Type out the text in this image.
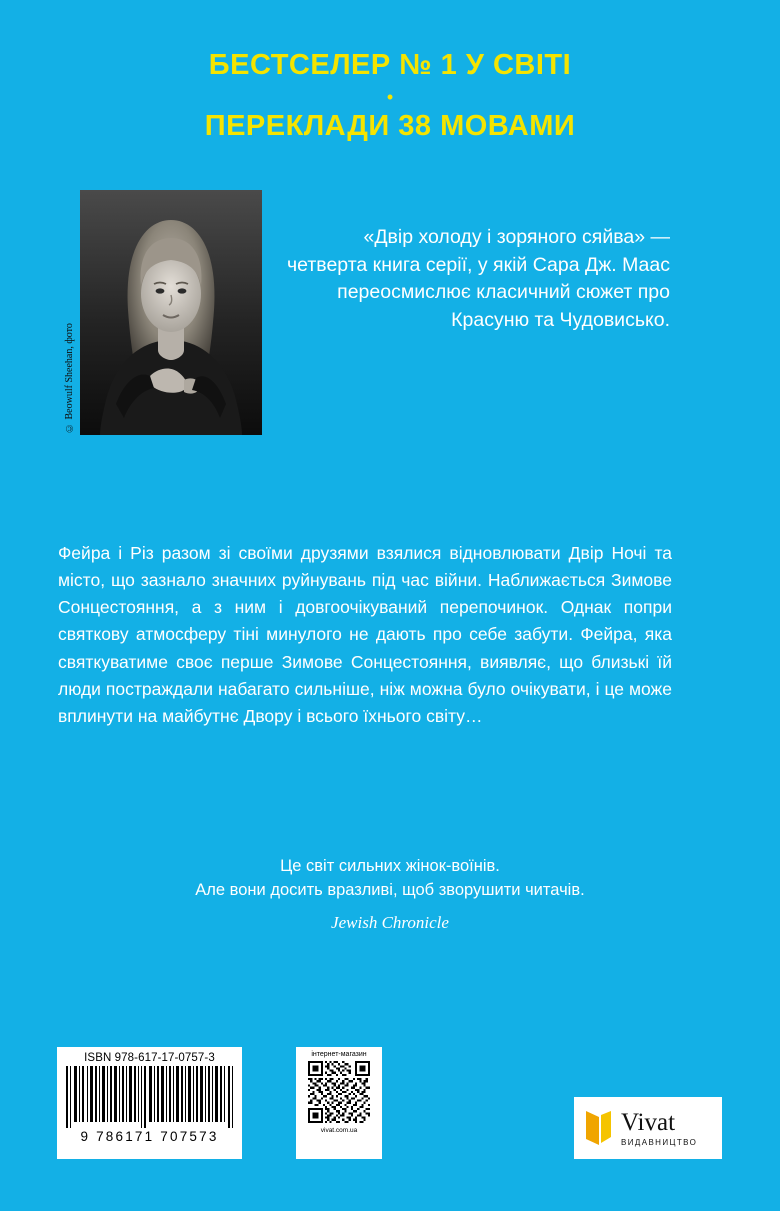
БЕСТСЕЛЕР № 1 У СВІТІ
•
ПЕРЕКЛАДИ 38 МОВАМИ
© Beowulf Sheehan, фото
«Двір холоду і зоряного сяйва» — четверта книга серії, у якій Сара Дж. Маас переосмислює класичний сюжет про Красуню та Чудовисько.
Фейра і Різ разом зі своїми друзями взялися відновлювати Двір Ночі та місто, що зазнало значних руйнувань під час війни. Наближається Зимове Сонцестояння, а з ним і довгоочікуваний перепочинок. Однак попри святкову атмосферу тіні минулого не дають про себе забути. Фейра, яка святкуватиме своє перше Зимове Сонцестояння, виявляє, що близькі їй люди постраждали набагато сильніше, ніж можна було очікувати, і це може вплинути на майбутнє Двору і всього їхнього світу…
Це світ сильних жінок-воїнів.
Але вони досить вразливі, щоб зворушити читачів.
Jewish Chronicle
ISBN 978-617-17-0757-3
9 786171 707573
інтернет-магазин
vivat.com.ua	Vivat
ВИДАВНИЦТВО
